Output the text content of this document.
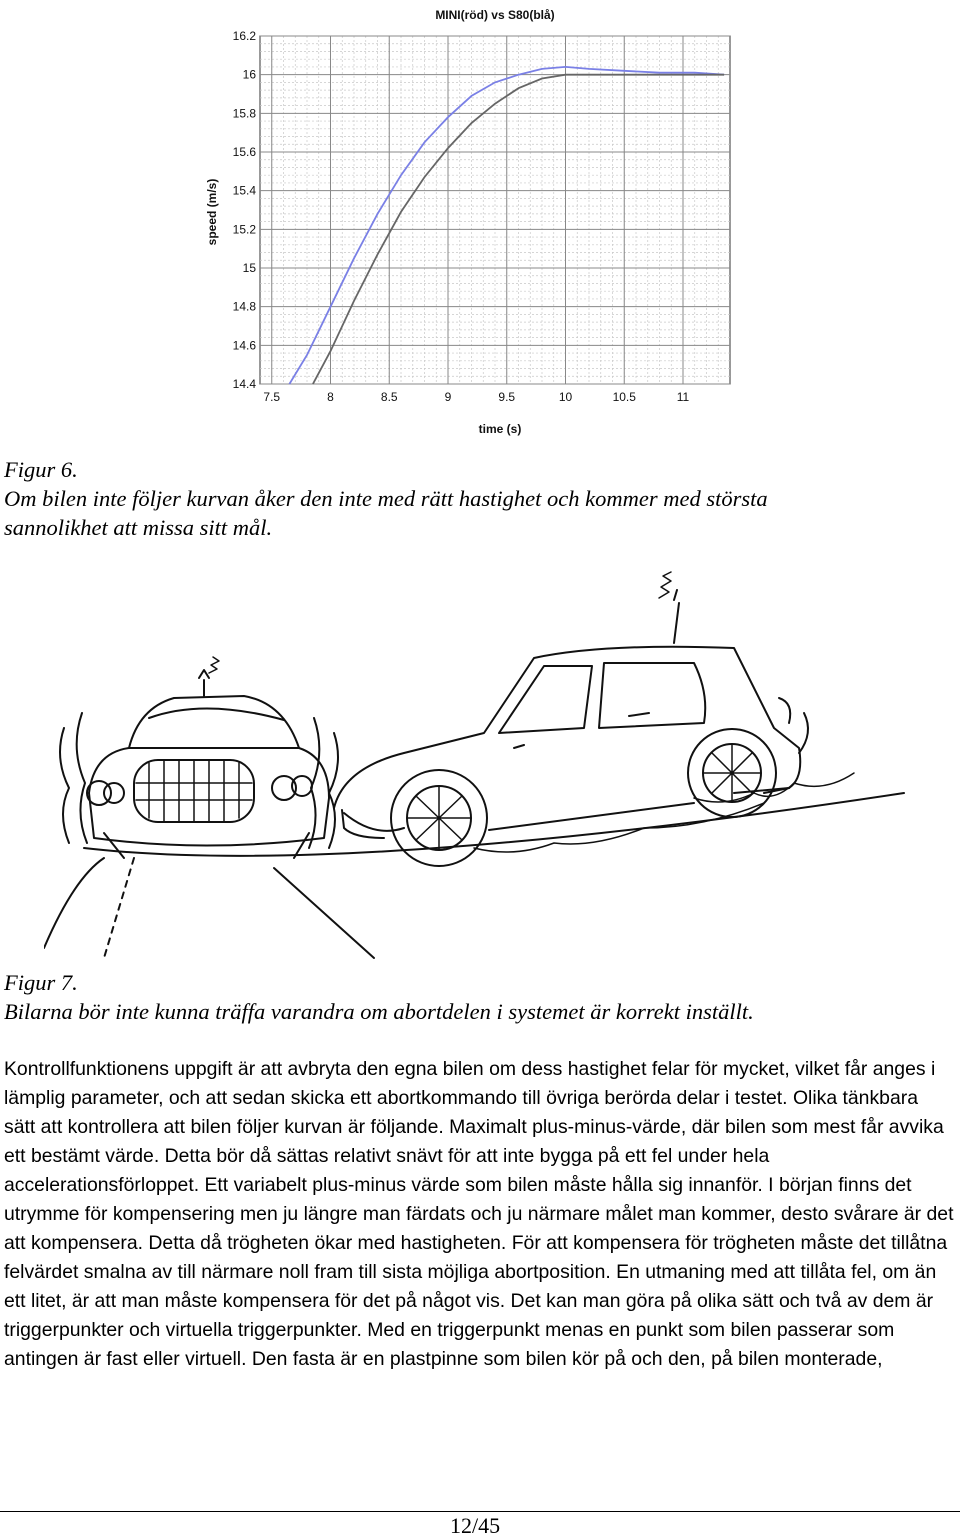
MINI(röd) vs S80(blå)
speed (m/s)
time (s)
7.5	8	8.5	9	9.5	10	10.5	11
16.2
16
15.8
15.6
15.4
15.2
15
14.8
14.6
14.4
Figur 6.
Om bilen inte följer kurvan åker den inte med rätt hastighet och kommer med största sannolikhet att missa sitt mål.
Figur 7.
Bilarna bör inte kunna träffa varandra om abortdelen i systemet är korrekt inställt.

Kontrollfunktionens uppgift är att avbryta den egna bilen om dess hastighet felar för mycket, vilket får anges i lämplig parameter, och att sedan skicka ett abortkommando till övriga berörda delar i testet. Olika tänkbara sätt att kontrollera att bilen följer kurvan är följande. Maximalt plus-minus-värde, där bilen som mest får avvika ett bestämt värde. Detta bör då sättas relativt snävt för att inte bygga på ett fel under hela accelerationsförloppet. Ett variabelt plus-minus värde som bilen måste hålla sig innanför. I början finns det utrymme för kompensering men ju längre man färdats och ju närmare målet man kommer, desto svårare är det att kompensera. Detta då trögheten ökar med hastigheten. För att kompensera för trögheten måste det tillåtna felvärdet smalna av till närmare noll fram till sista möjliga abortposition. En utmaning med att tillåta fel, om än ett litet, är att man måste kompensera för det på något vis. Det kan man göra på olika sätt och två av dem är triggerpunkter och virtuella triggerpunkter. Med en triggerpunkt menas en punkt som bilen passerar som antingen är fast eller virtuell. Den fasta är en plastpinne som bilen kör på och den, på bilen monterade,

12/45
